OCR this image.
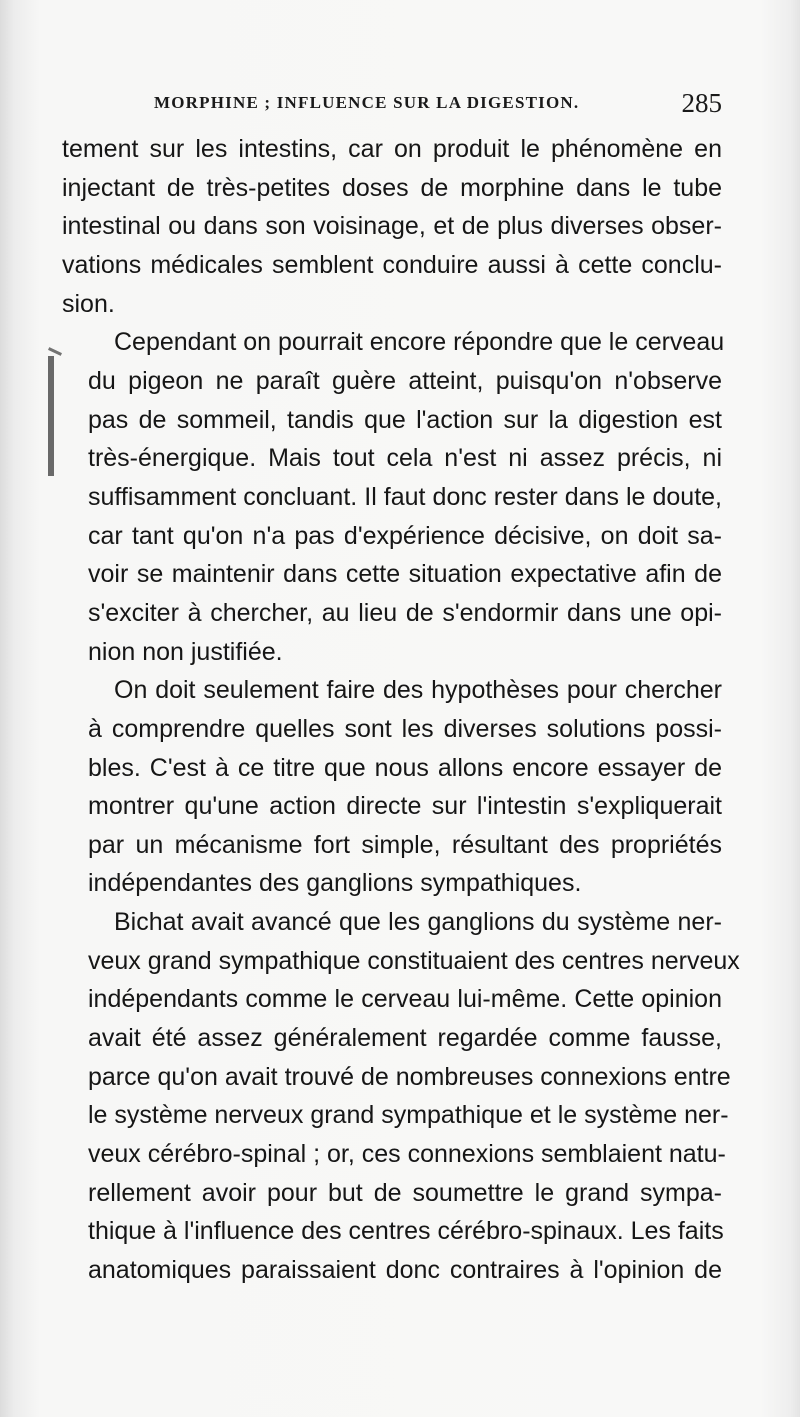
MORPHINE ; INFLUENCE SUR LA DIGESTION.	285

tement sur les intestins, car on produit le phénomène en
injectant de très-petites doses de morphine dans le tube
intestinal ou dans son voisinage, et de plus diverses obser-
vations médicales semblent conduire aussi à cette conclu-
sion.

Cependant on pourrait encore répondre que le cerveau
du pigeon ne paraît guère atteint, puisqu'on n'observe
pas de sommeil, tandis que l'action sur la digestion est
très-énergique. Mais tout cela n'est ni assez précis, ni
suffisamment concluant. Il faut donc rester dans le doute,
car tant qu'on n'a pas d'expérience décisive, on doit sa-
voir se maintenir dans cette situation expectative afin de
s'exciter à chercher, au lieu de s'endormir dans une opi-
nion non justifiée.

On doit seulement faire des hypothèses pour chercher
à comprendre quelles sont les diverses solutions possi-
bles. C'est à ce titre que nous allons encore essayer de
montrer qu'une action directe sur l'intestin s'expliquerait
par un mécanisme fort simple, résultant des propriétés
indépendantes des ganglions sympathiques.

Bichat avait avancé que les ganglions du système ner-
veux grand sympathique constituaient des centres nerveux
indépendants comme le cerveau lui-même. Cette opinion
avait été assez généralement regardée comme fausse,
parce qu'on avait trouvé de nombreuses connexions entre
le système nerveux grand sympathique et le système ner-
veux cérébro-spinal ; or, ces connexions semblaient natu-
rellement avoir pour but de soumettre le grand sympa-
thique à l'influence des centres cérébro-spinaux. Les faits
anatomiques paraissaient donc contraires à l'opinion de
